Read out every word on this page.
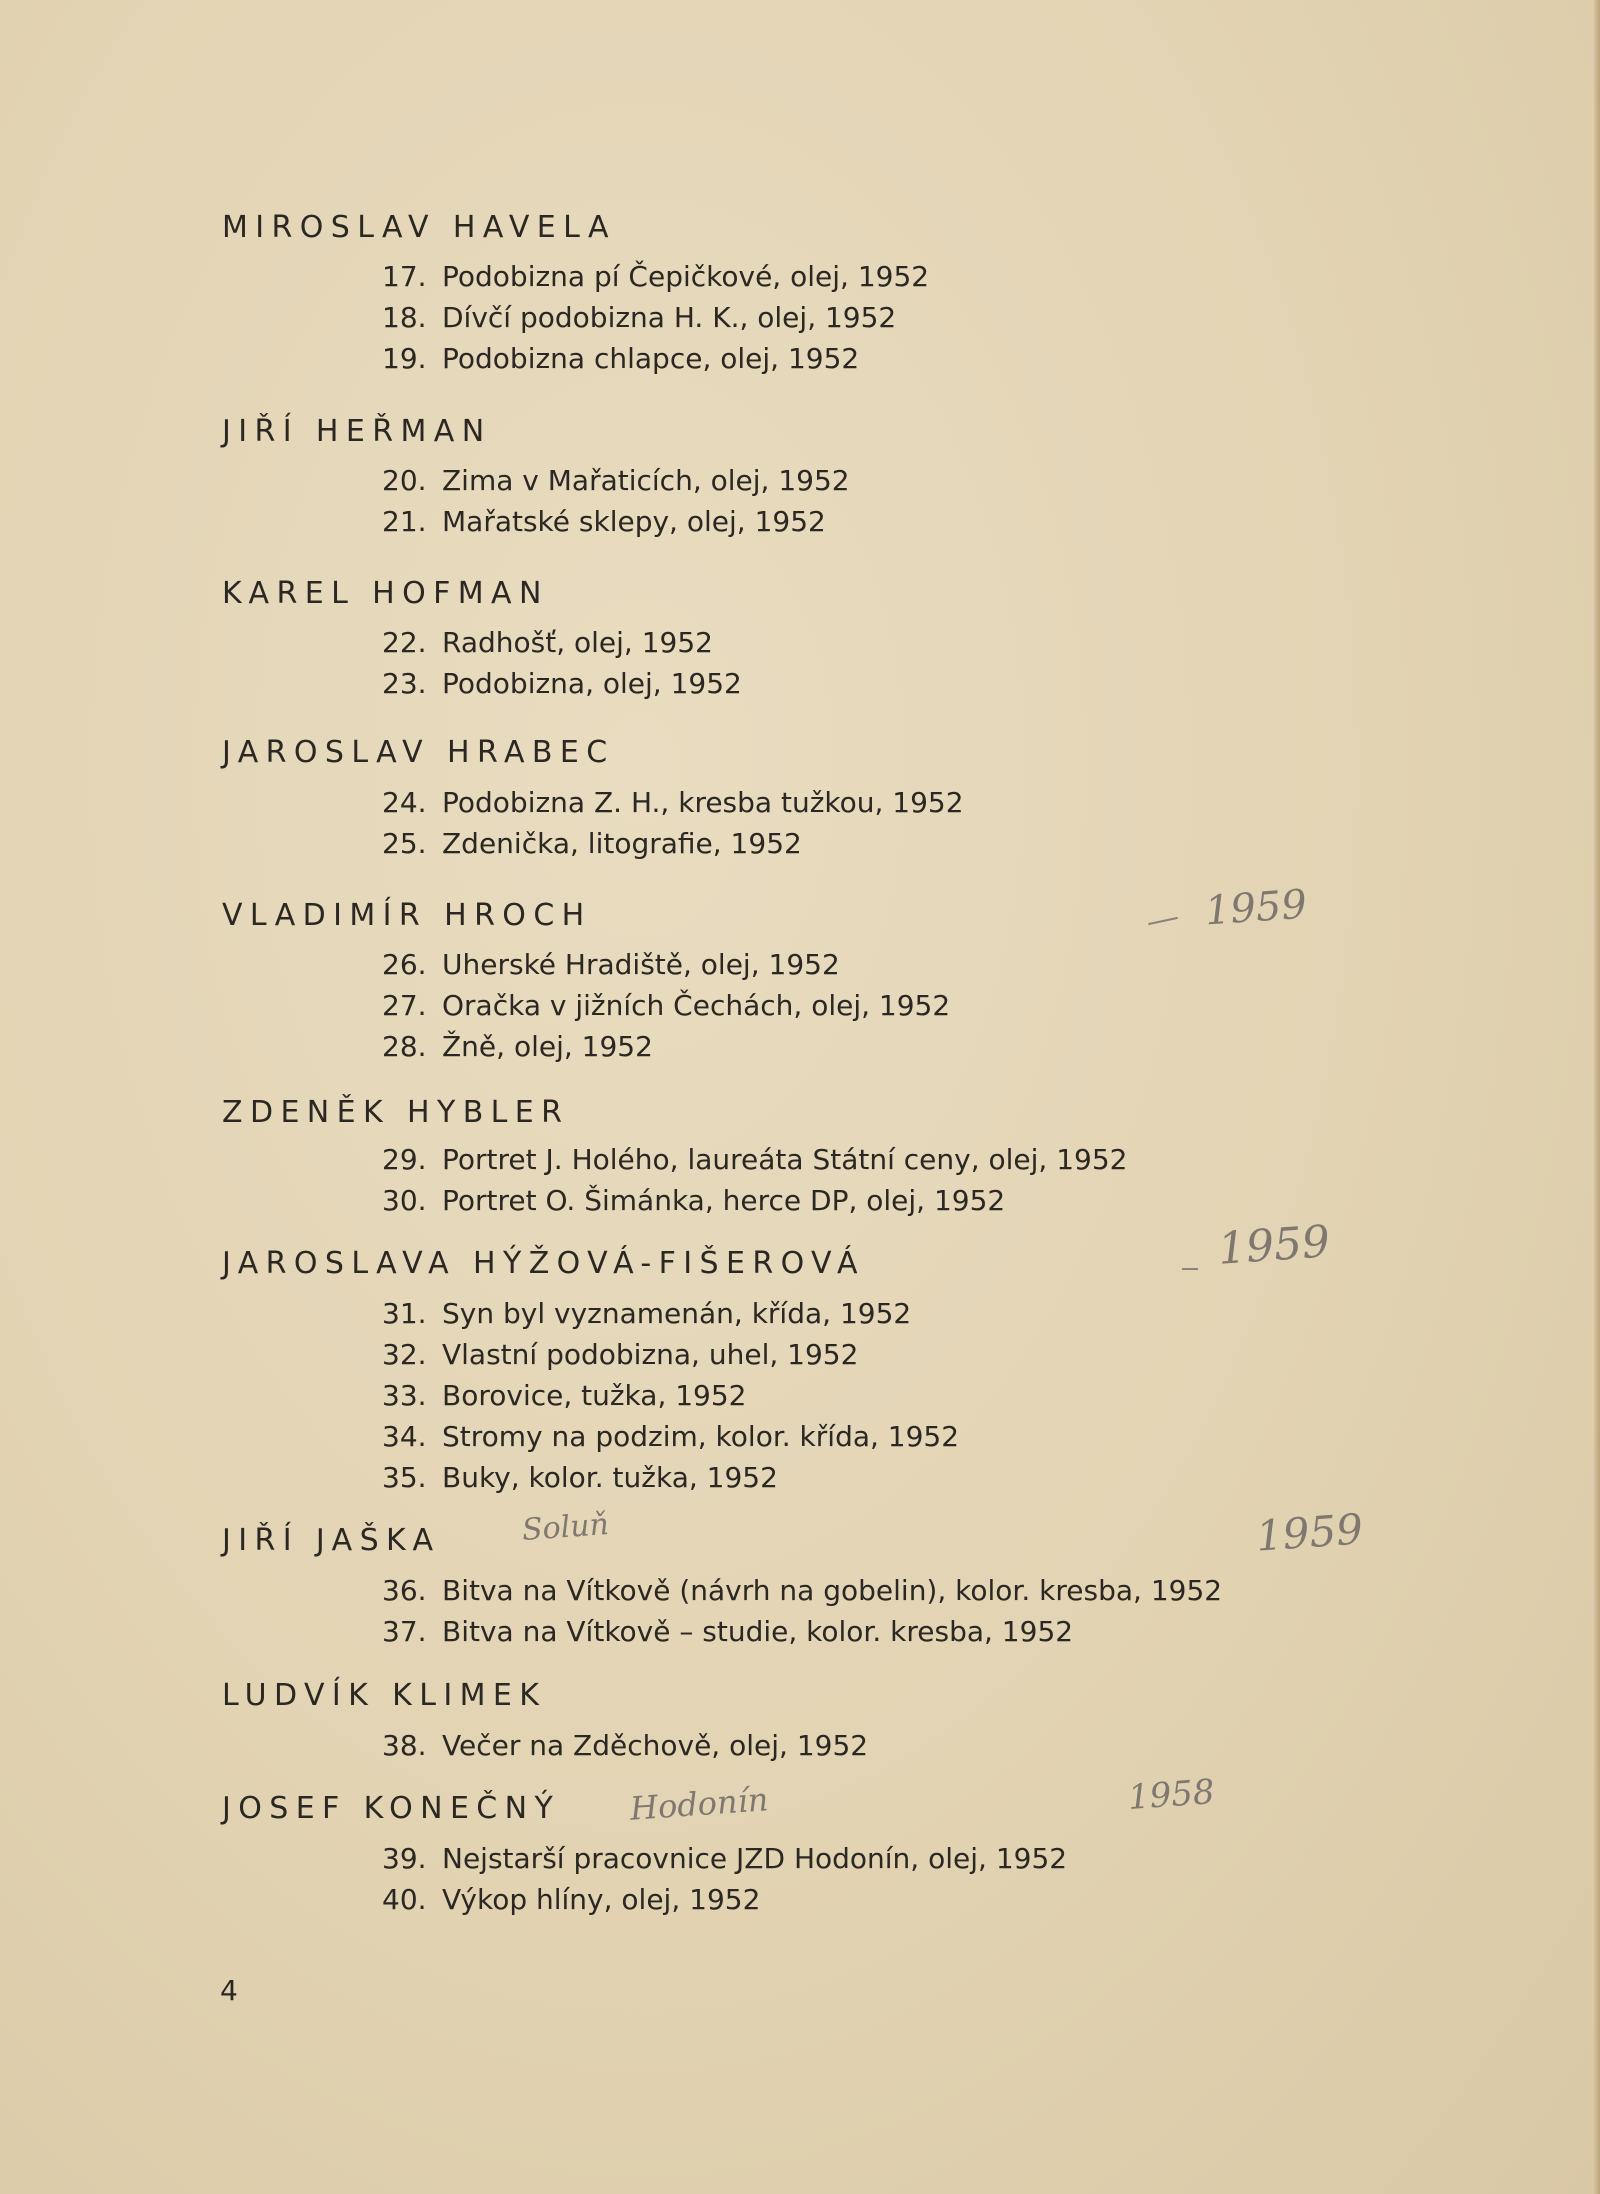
MIROSLAV HAVELA
17. Podobizna pí Čepičkové, olej, 1952
18. Dívčí podobizna H. K., olej, 1952
19. Podobizna chlapce, olej, 1952
JIŘÍ HEŘMAN
20. Zima v Mařaticích, olej, 1952
21. Mařatské sklepy, olej, 1952
KAREL HOFMAN
22. Radhošť, olej, 1952
23. Podobizna, olej, 1952
JAROSLAV HRABEC
24. Podobizna Z. H., kresba tužkou, 1952
25. Zdenička, litografie, 1952
VLADIMÍR HROCH
26. Uherské Hradiště, olej, 1952
27. Oračka v jižních Čechách, olej, 1952
28. Žně, olej, 1952
ZDENĚK HYBLER
29. Portret J. Holého, laureáta Státní ceny, olej, 1952
30. Portret O. Šimánka, herce DP, olej, 1952
JAROSLAVA HÝŽOVÁ-FIŠEROVÁ
31. Syn byl vyznamenán, křída, 1952
32. Vlastní podobizna, uhel, 1952
33. Borovice, tužka, 1952
34. Stromy na podzim, kolor. křída, 1952
35. Buky, kolor. tužka, 1952
JIŘÍ JAŠKA
36. Bitva na Vítkově (návrh na gobelin), kolor. kresba, 1952
37. Bitva na Vítkově – studie, kolor. kresba, 1952
LUDVÍK KLIMEK
38. Večer na Zděchově, olej, 1952
JOSEF KONEČNÝ
39. Nejstarší pracovnice JZD Hodonín, olej, 1952
40. Výkop hlíny, olej, 1952
4
1959
1959
Soluň	1959
Hodonín	1958
